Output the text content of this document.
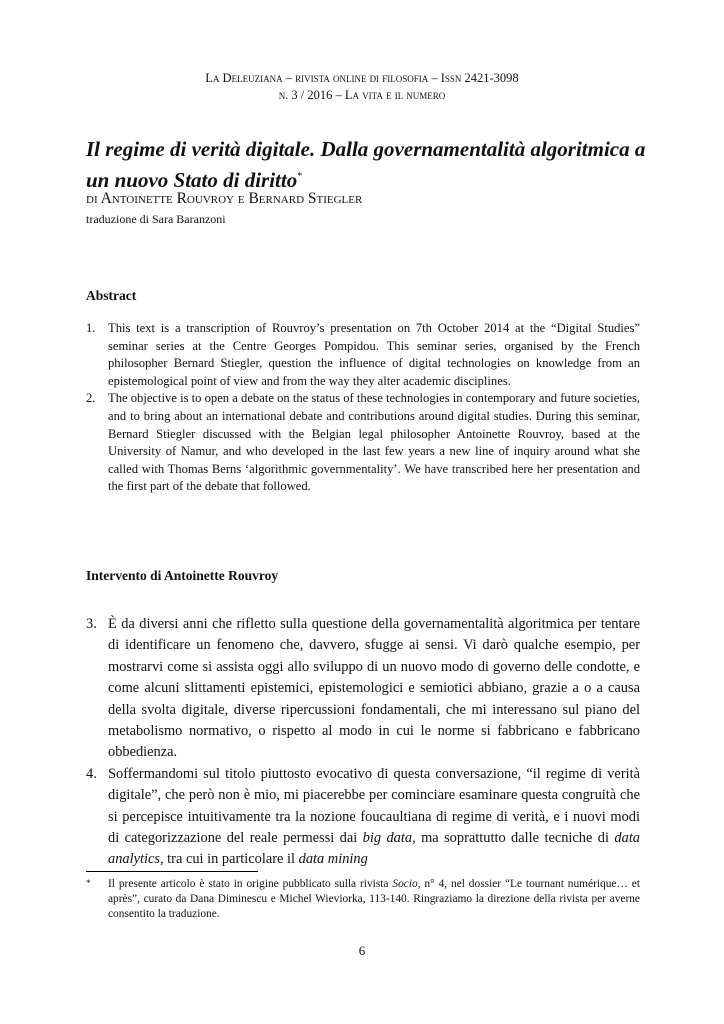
La Deleuziana – rivista online di filosofia – Issn 2421-3098
n. 3 / 2016 – La vita e il numero
Il regime di verità digitale. Dalla governamentalità algoritmica a un nuovo Stato di diritto*
di Antoinette Rouvroy e Bernard Stiegler
traduzione di Sara Baranzoni
Abstract
1. This text is a transcription of Rouvroy’s presentation on 7th October 2014 at the “Digital Studies” seminar series at the Centre Georges Pompidou. This seminar series, organised by the French philosopher Bernard Stiegler, question the influence of digital technologies on knowledge from an epistemological point of view and from the way they alter academic disciplines.
2. The objective is to open a debate on the status of these technologies in contemporary and future societies, and to bring about an international debate and contributions around digital studies. During this seminar, Bernard Stiegler discussed with the Belgian legal philosopher Antoinette Rouvroy, based at the University of Namur, and who developed in the last few years a new line of inquiry around what she called with Thomas Berns ‘algorithmic governmentality’. We have transcribed here her presentation and the first part of the debate that followed.
Intervento di Antoinette Rouvroy
3. È da diversi anni che rifletto sulla questione della governamentalità algoritmica per tentare di identificare un fenomeno che, davvero, sfugge ai sensi. Vi darò qualche esempio, per mostrarvi come si assista oggi allo sviluppo di un nuovo modo di governo delle condotte, e come alcuni slittamenti epistemici, epistemologici e semiotici abbiano, grazie a o a causa della svolta digitale, diverse ripercussioni fondamentali, che mi interessano sul piano del metabolismo normativo, o rispetto al modo in cui le norme si fabbricano e fabbricano obbedienza.
4. Soffermandomi sul titolo piuttosto evocativo di questa conversazione, “il regime di verità digitale”, che però non è mio, mi piacerebbe per cominciare esaminare questa congruità che si percepisce intuitivamente tra la nozione foucaultiana di regime di verità, e i nuovi modi di categorizzazione del reale permessi dai big data, ma soprattutto dalle tecniche di data analytics, tra cui in particolare il data mining
* Il presente articolo è stato in origine pubblicato sulla rivista Socio, n° 4, nel dossier “Le tournant numérique… et après”, curato da Dana Diminescu e Michel Wieviorka, 113-140. Ringraziamo la direzione della rivista per averne consentito la traduzione.
6
